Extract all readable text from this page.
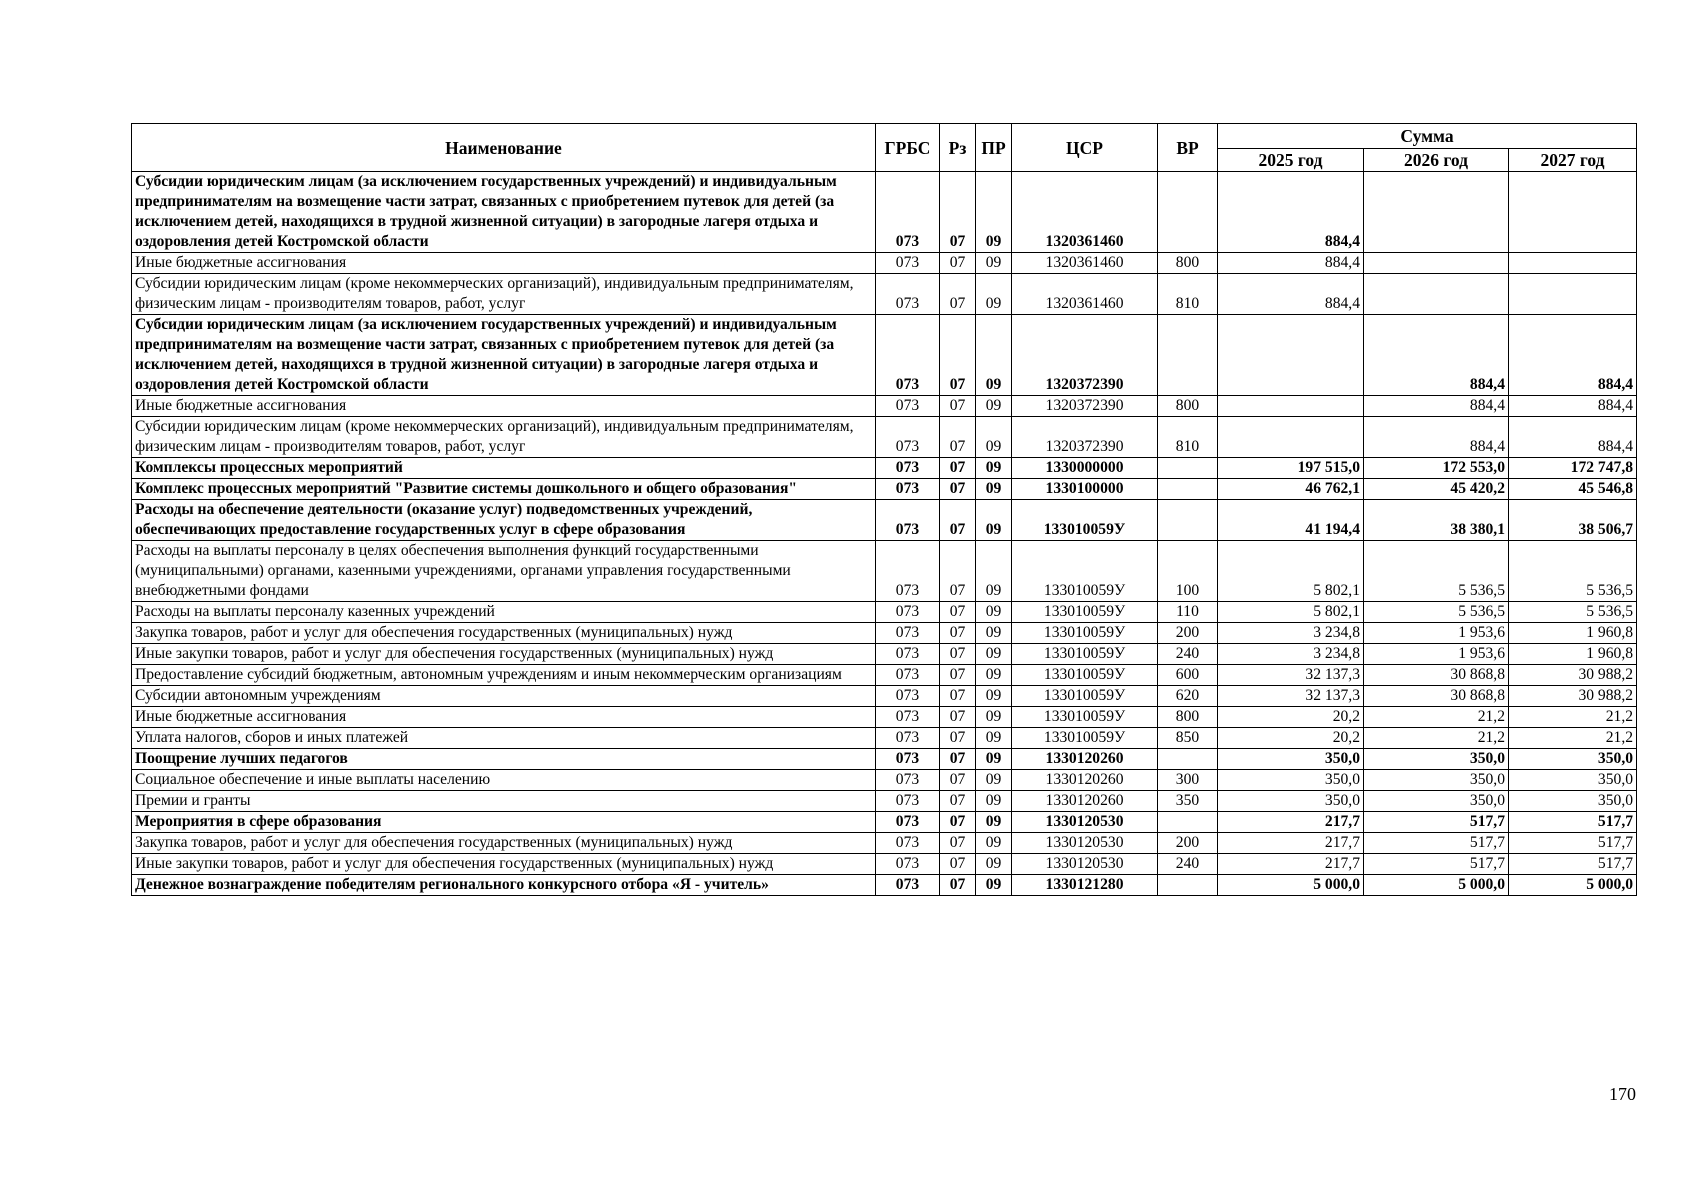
Наименование	ГРБС	Рз	ПР	ЦСР	ВР	Сумма		
						2025 год	2026 год	2027 год
Субсидии юридическим лицам (за исключением государственных учреждений) и индивидуальным предпринимателям на возмещение части затрат, связанных с приобретением путевок для детей (за исключением детей, находящихся в трудной жизненной ситуации) в загородные лагеря отдыха и оздоровления детей Костромской области	073	07	09	1320361460		884,4		
Иные бюджетные ассигнования	073	07	09	1320361460	800	884,4		
Субсидии юридическим лицам (кроме некоммерческих организаций), индивидуальным предпринимателям, физическим лицам - производителям товаров, работ, услуг	073	07	09	1320361460	810	884,4		
Субсидии юридическим лицам (за исключением государственных учреждений) и индивидуальным предпринимателям на возмещение части затрат, связанных с приобретением путевок для детей (за исключением детей, находящихся в трудной жизненной ситуации) в загородные лагеря отдыха и оздоровления детей Костромской области	073	07	09	1320372390			884,4	884,4
Иные бюджетные ассигнования	073	07	09	1320372390	800		884,4	884,4
Субсидии юридическим лицам (кроме некоммерческих организаций), индивидуальным предпринимателям, физическим лицам - производителям товаров, работ, услуг	073	07	09	1320372390	810		884,4	884,4
Комплексы процессных мероприятий	073	07	09	1330000000		197 515,0	172 553,0	172 747,8
Комплекс процессных мероприятий "Развитие системы дошкольного и общего образования"	073	07	09	1330100000		46 762,1	45 420,2	45 546,8
Расходы на обеспечение деятельности (оказание услуг) подведомственных учреждений, обеспечивающих предоставление государственных услуг в сфере образования	073	07	09	133010059У		41 194,4	38 380,1	38 506,7
Расходы на выплаты персоналу в целях обеспечения выполнения функций государственными (муниципальными) органами, казенными учреждениями, органами управления государственными внебюджетными фондами	073	07	09	133010059У	100	5 802,1	5 536,5	5 536,5
Расходы на выплаты персоналу казенных учреждений	073	07	09	133010059У	110	5 802,1	5 536,5	5 536,5
Закупка товаров, работ и услуг для обеспечения государственных (муниципальных) нужд	073	07	09	133010059У	200	3 234,8	1 953,6	1 960,8
Иные закупки товаров, работ и услуг для обеспечения государственных (муниципальных) нужд	073	07	09	133010059У	240	3 234,8	1 953,6	1 960,8
Предоставление субсидий бюджетным, автономным учреждениям и иным некоммерческим организациям	073	07	09	133010059У	600	32 137,3	30 868,8	30 988,2
Субсидии автономным учреждениям	073	07	09	133010059У	620	32 137,3	30 868,8	30 988,2
Иные бюджетные ассигнования	073	07	09	133010059У	800	20,2	21,2	21,2
Уплата налогов, сборов и иных платежей	073	07	09	133010059У	850	20,2	21,2	21,2
Поощрение лучших педагогов	073	07	09	1330120260		350,0	350,0	350,0
Социальное обеспечение и иные выплаты населению	073	07	09	1330120260	300	350,0	350,0	350,0
Премии и гранты	073	07	09	1330120260	350	350,0	350,0	350,0
Мероприятия в сфере образования	073	07	09	1330120530		217,7	517,7	517,7
Закупка товаров, работ и услуг для обеспечения государственных (муниципальных) нужд	073	07	09	1330120530	200	217,7	517,7	517,7
Иные закупки товаров, работ и услуг для обеспечения государственных (муниципальных) нужд	073	07	09	1330120530	240	217,7	517,7	517,7
Денежное вознаграждение победителям регионального конкурсного отбора «Я - учитель»	073	07	09	1330121280		5 000,0	5 000,0	5 000,0
170
